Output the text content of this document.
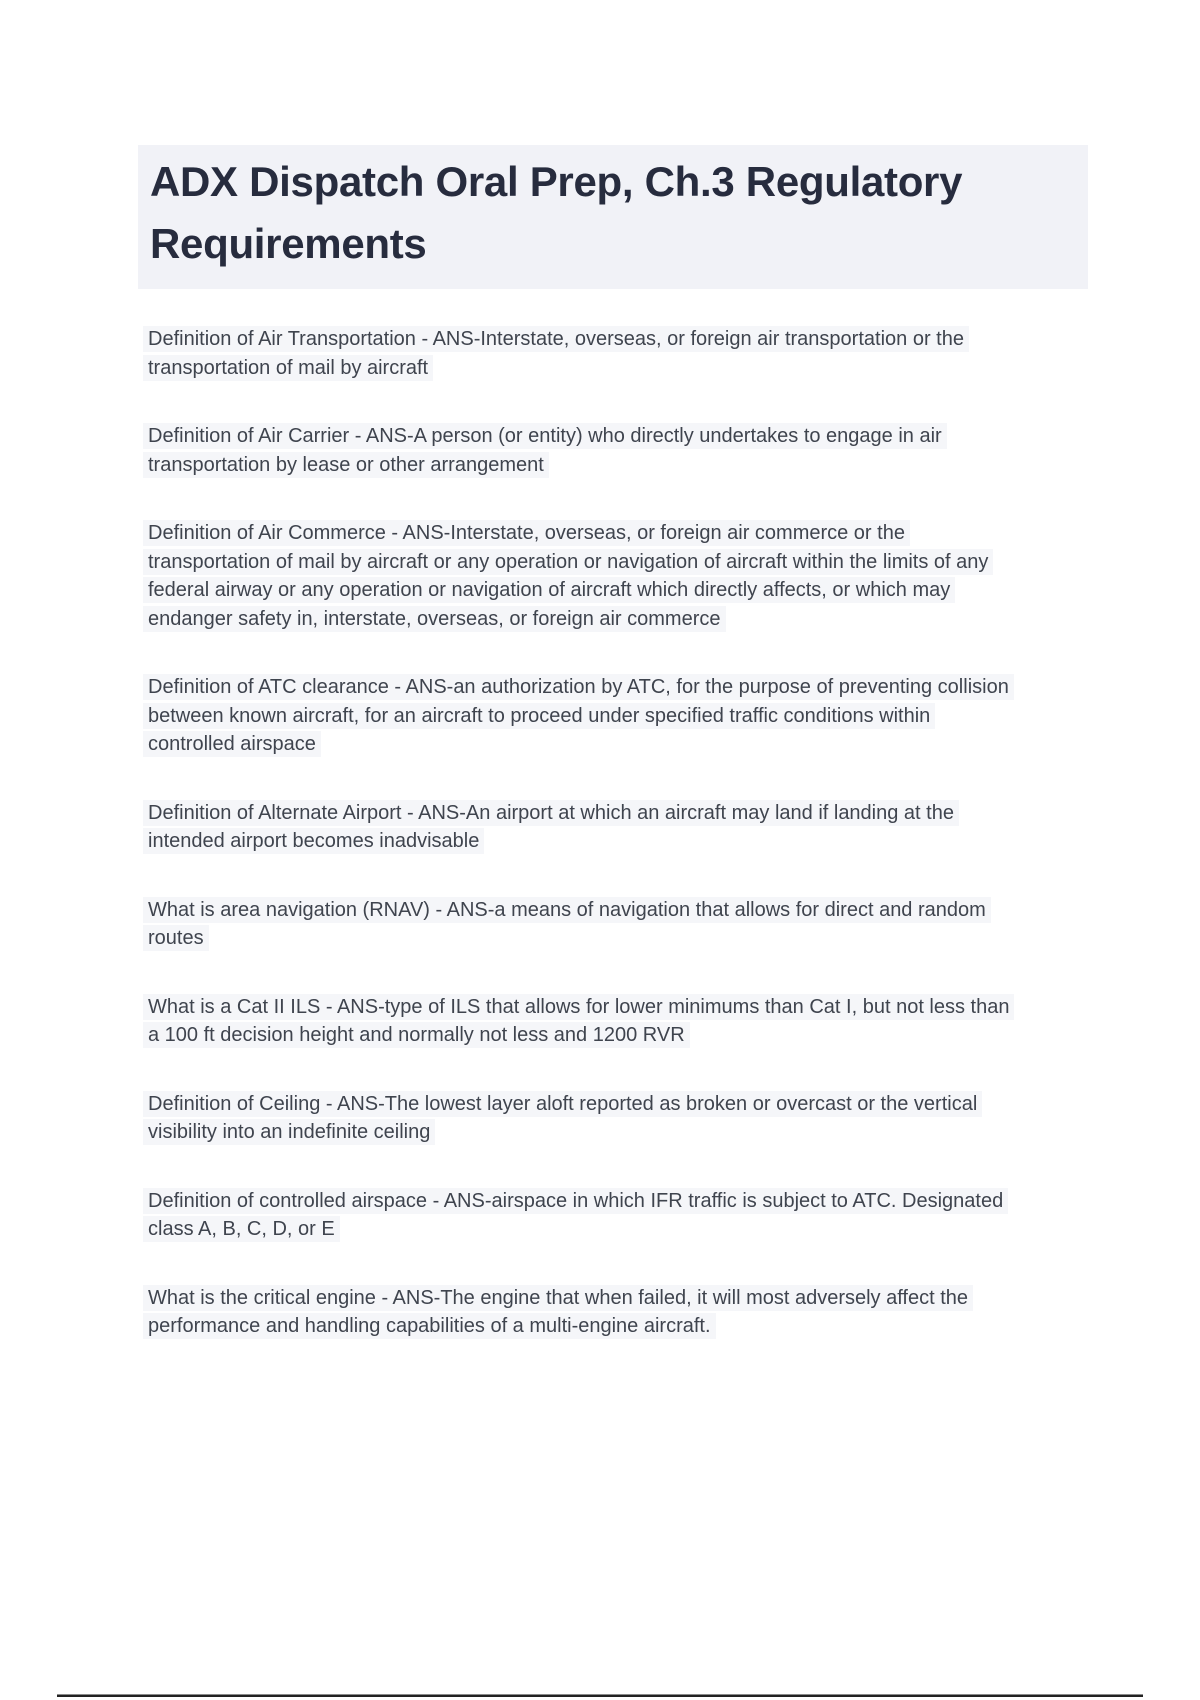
ADX Dispatch Oral Prep, Ch.3 Regulatory Requirements

Definition of Air Transportation - ANS-Interstate, overseas, or foreign air transportation or the transportation of mail by aircraft

Definition of Air Carrier - ANS-A person (or entity) who directly undertakes to engage in air transportation by lease or other arrangement

Definition of Air Commerce - ANS-Interstate, overseas, or foreign air commerce or the transportation of mail by aircraft or any operation or navigation of aircraft within the limits of any federal airway or any operation or navigation of aircraft which directly affects, or which may endanger safety in, interstate, overseas, or foreign air commerce

Definition of ATC clearance - ANS-an authorization by ATC, for the purpose of preventing collision between known aircraft, for an aircraft to proceed under specified traffic conditions within controlled airspace

Definition of Alternate Airport - ANS-An airport at which an aircraft may land if landing at the intended airport becomes inadvisable

What is area navigation (RNAV) - ANS-a means of navigation that allows for direct and random routes

What is a Cat II ILS - ANS-type of ILS that allows for lower minimums than Cat I, but not less than a 100 ft decision height and normally not less and 1200 RVR

Definition of Ceiling - ANS-The lowest layer aloft reported as broken or overcast or the vertical visibility into an indefinite ceiling

Definition of controlled airspace - ANS-airspace in which IFR traffic is subject to ATC. Designated class A, B, C, D, or E

What is the critical engine - ANS-The engine that when failed, it will most adversely affect the performance and handling capabilities of a multi-engine aircraft.
